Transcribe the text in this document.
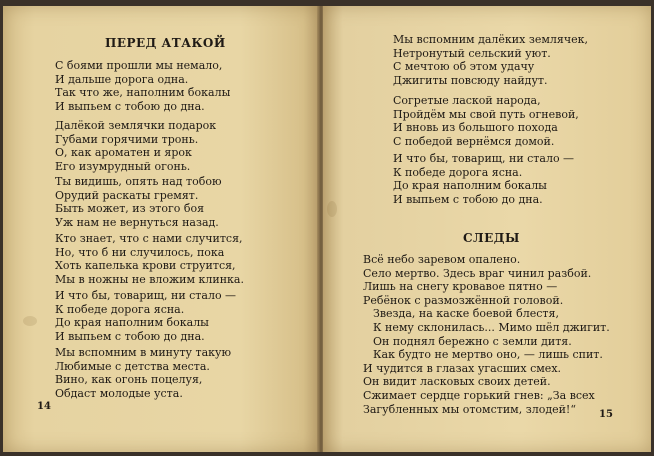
ПЕРЕД АТАКОЙ
С боями прошли мы немало,
И дальше дорога одна.
Так что же, наполним бокалы
И выпьем с тобою до дна.
Далёкой землячки подарок
Губами горячими тронь.
О, как ароматен и ярок
Его изумрудный огонь.
Ты видишь, опять над тобою
Орудий раскаты гремят.
Быть может, из этого боя
Уж нам не вернуться назад.
Кто знает, что с нами случится,
Но, что б ни случилось, пока
Хоть капелька крови струится,
Мы в ножны не вложим клинка.
И что бы, товарищ, ни стало —
К победе дорога ясна.
До края наполним бокалы
И выпьем с тобою до дна.
Мы вспомним в минуту такую
Любимые с детства места.
Вино, как огонь поцелуя,
Обдаст молодые уста.
14
Мы вспомним далёких землячек,
Нетронутый сельский уют.
С мечтою об этом удачу
Джигиты повсюду найдут.
Согретые лаской народа,
Пройдём мы свой путь огневой,
И вновь из большого похода
С победой вернёмся домой.
И что бы, товарищ, ни стало —
К победе дорога ясна.
До края наполним бокалы
И выпьем с тобою до дна.
СЛЕДЫ
Всё небо заревом опалено.
Село мертво. Здесь враг чинил разбой.
Лишь на снегу кровавое пятно —
Ребёнок с размозжённой головой.
Звезда, на каске боевой блестя,
К нему склонилась... Мимо шёл джигит.
Он поднял бережно с земли дитя.
Как будто не мертво оно, — лишь спит.
И чудится в глазах угасших смех.
Он видит ласковых своих детей.
Сжимает сердце горький гнев: „За всех
Загубленных мы отомстим, злодей!“	15
